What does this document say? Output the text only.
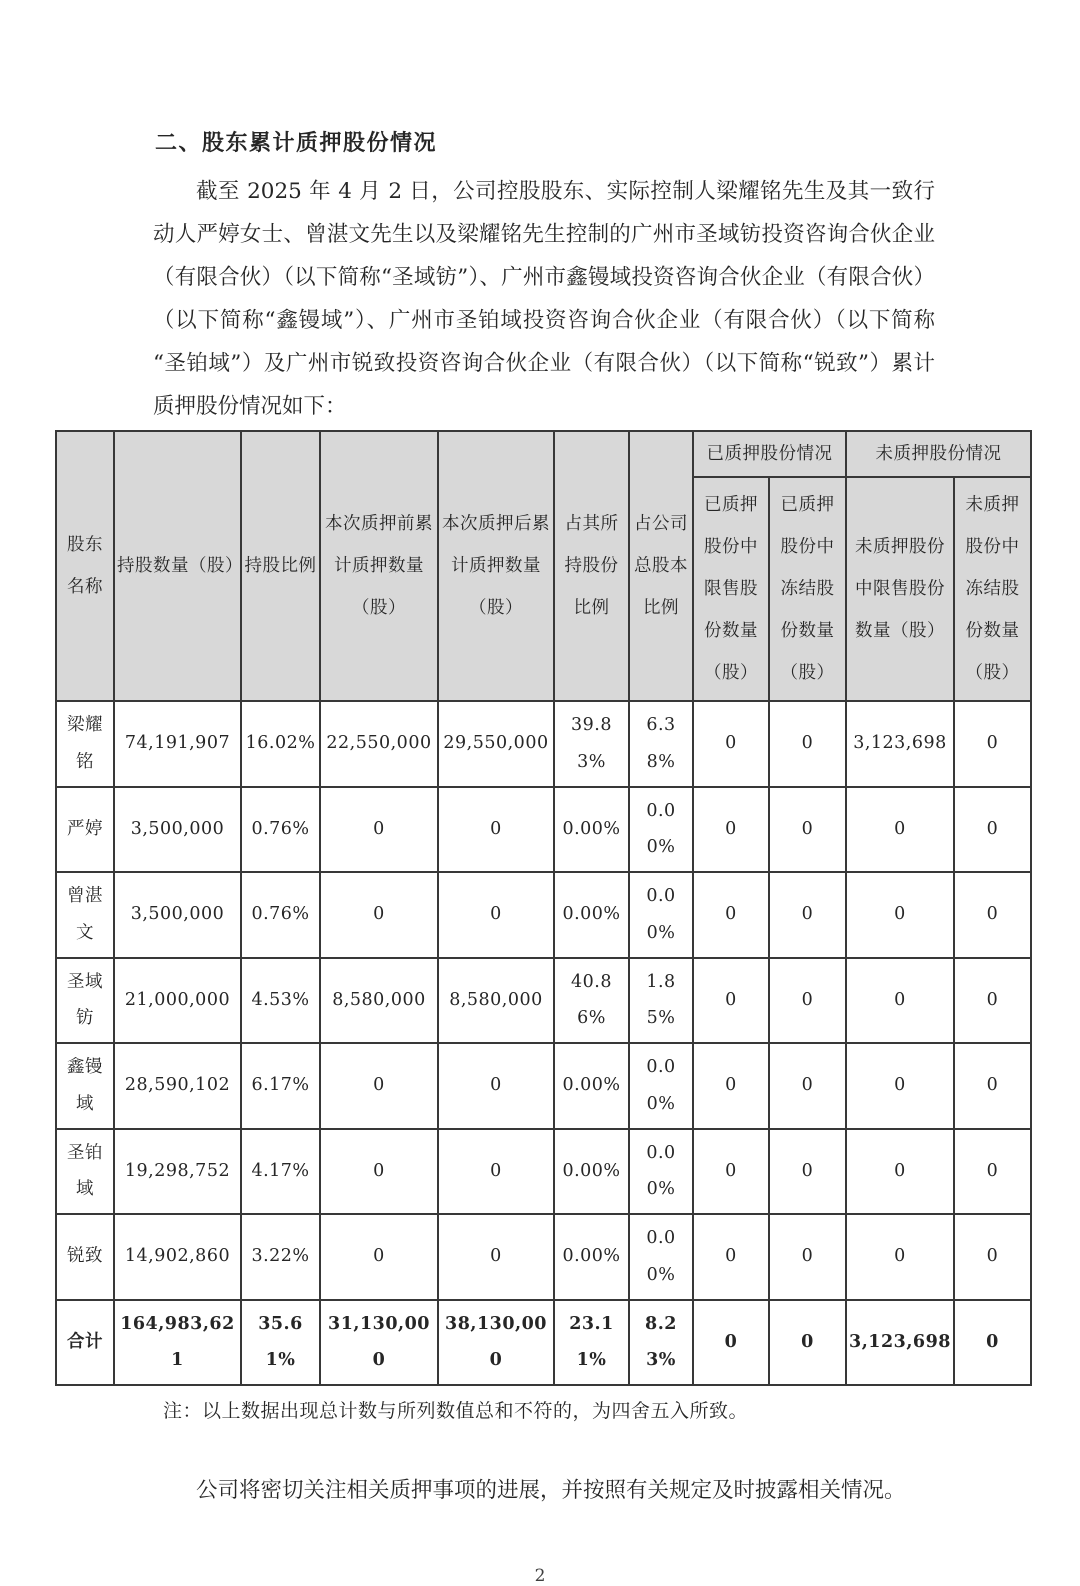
二、股东累计质押股份情况

截至 2025 年 4 月 2 日，公司控股股东、实际控制人梁耀铭先生及其一致行动人严婷女士、曾湛文先生以及梁耀铭先生控制的广州市圣域钫投资咨询合伙企业（有限合伙）（以下简称“圣域钫”）、广州市鑫镘域投资咨询合伙企业（有限合伙）（以下简称“鑫镘域”）、广州市圣铂域投资咨询合伙企业（有限合伙）（以下简称“圣铂域”）及广州市锐致投资咨询合伙企业（有限合伙）（以下简称“锐致”）累计质押股份情况如下：

股东名称	持股数量（股）	持股比例	本次质押前累计质押数量（股）	本次质押后累计质押数量（股）	占其所持股份比例	占公司总股本比例	已质押股份情况		未质押股份情况	
							已质押股份中限售股份数量（股）	已质押股份中冻结股份数量（股）	未质押股份中限售股份数量（股）	未质押股份中冻结股份数量（股）
梁耀铭	74,191,907	16.02%	22,550,000	29,550,000	39.83%	6.38%	0	0	3,123,698	0
严婷	3,500,000	0.76%	0	0	0.00%	0.00%	0	0	0	0
曾湛文	3,500,000	0.76%	0	0	0.00%	0.00%	0	0	0	0
圣域钫	21,000,000	4.53%	8,580,000	8,580,000	40.86%	1.85%	0	0	0	0
鑫镘域	28,590,102	6.17%	0	0	0.00%	0.00%	0	0	0	0
圣铂域	19,298,752	4.17%	0	0	0.00%	0.00%	0	0	0	0
锐致	14,902,860	3.22%	0	0	0.00%	0.00%	0	0	0	0
合计	164,983,621	35.61%	31,130,000	38,130,000	23.11%	8.23%	0	0	3,123,698	0

注：以上数据出现总计数与所列数值总和不符的，为四舍五入所致。

公司将密切关注相关质押事项的进展，并按照有关规定及时披露相关情况。

2
